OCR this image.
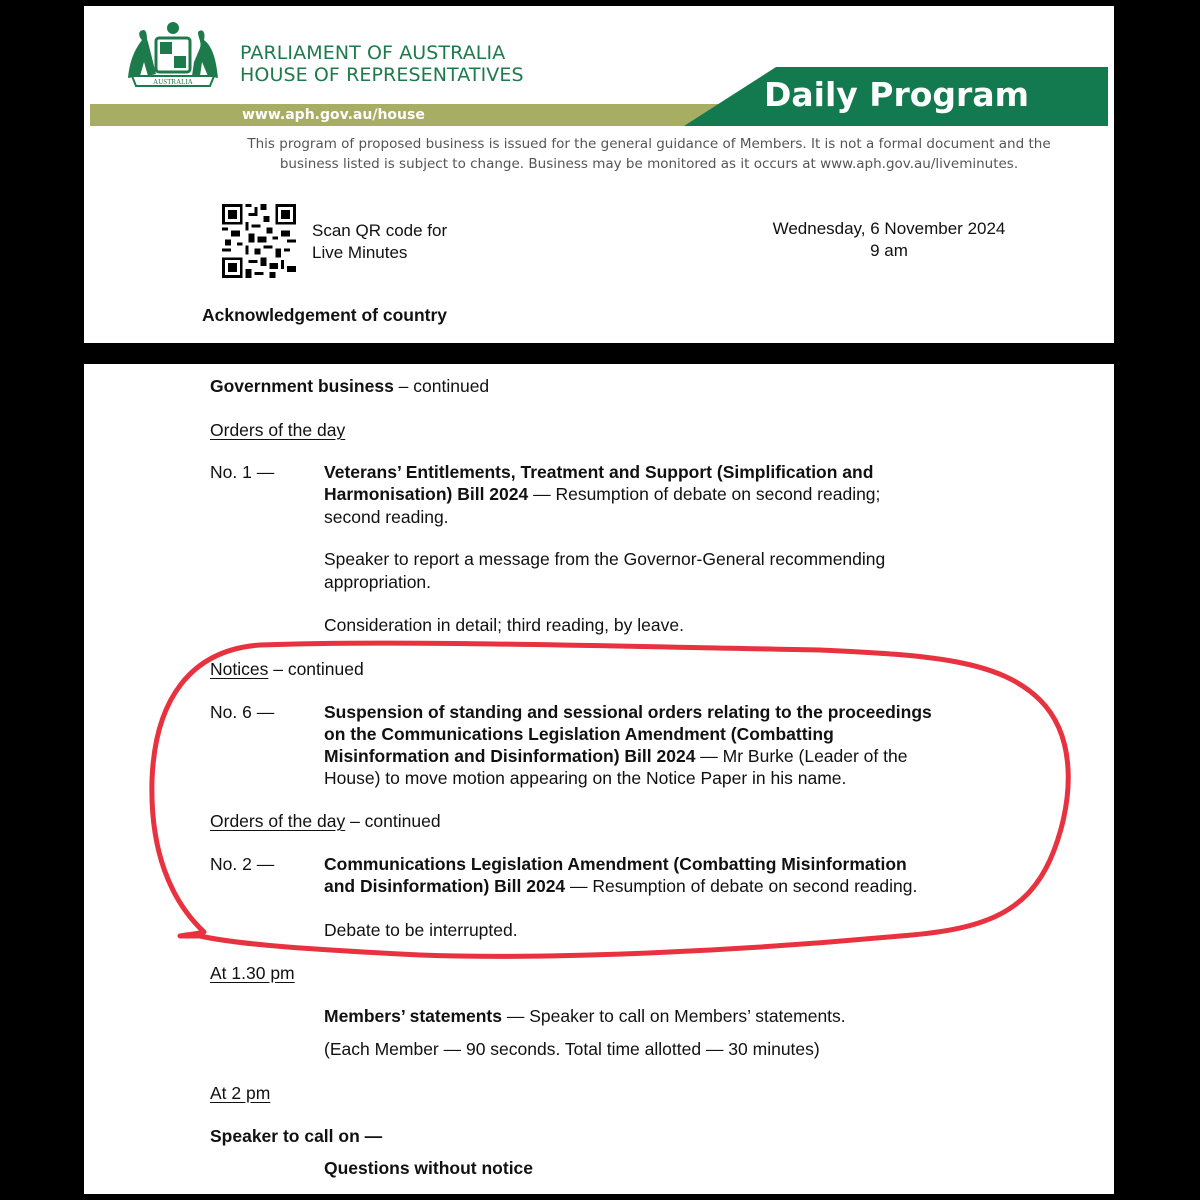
AUSTRALIA
PARLIAMENT OF AUSTRALIA
HOUSE OF REPRESENTATIVES
www.aph.gov.au/house
Daily Program
This program of proposed business is issued for the general guidance of Members. It is not a formal document and the
business listed is subject to change. Business may be monitored as it occurs at www.aph.gov.au/liveminutes.
Scan QR code for
Live Minutes
Wednesday, 6 November 2024
9 am
Acknowledgement of country
Government business – continued
Orders of the day
No. 1 —	Veterans’ Entitlements, Treatment and Support (Simplification and
Harmonisation) Bill 2024 — Resumption of debate on second reading;
second reading.
Speaker to report a message from the Governor-General recommending
appropriation.
Consideration in detail; third reading, by leave.
Notices – continued
No. 6 —	Suspension of standing and sessional orders relating to the proceedings
on the Communications Legislation Amendment (Combatting
Misinformation and Disinformation) Bill 2024 — Mr Burke (Leader of the
House) to move motion appearing on the Notice Paper in his name.
Orders of the day – continued
No. 2 —	Communications Legislation Amendment (Combatting Misinformation
and Disinformation) Bill 2024 — Resumption of debate on second reading.
Debate to be interrupted.
At 1.30 pm
Members’ statements — Speaker to call on Members’ statements.
(Each Member — 90 seconds. Total time allotted — 30 minutes)
At 2 pm
Speaker to call on —
Questions without notice
